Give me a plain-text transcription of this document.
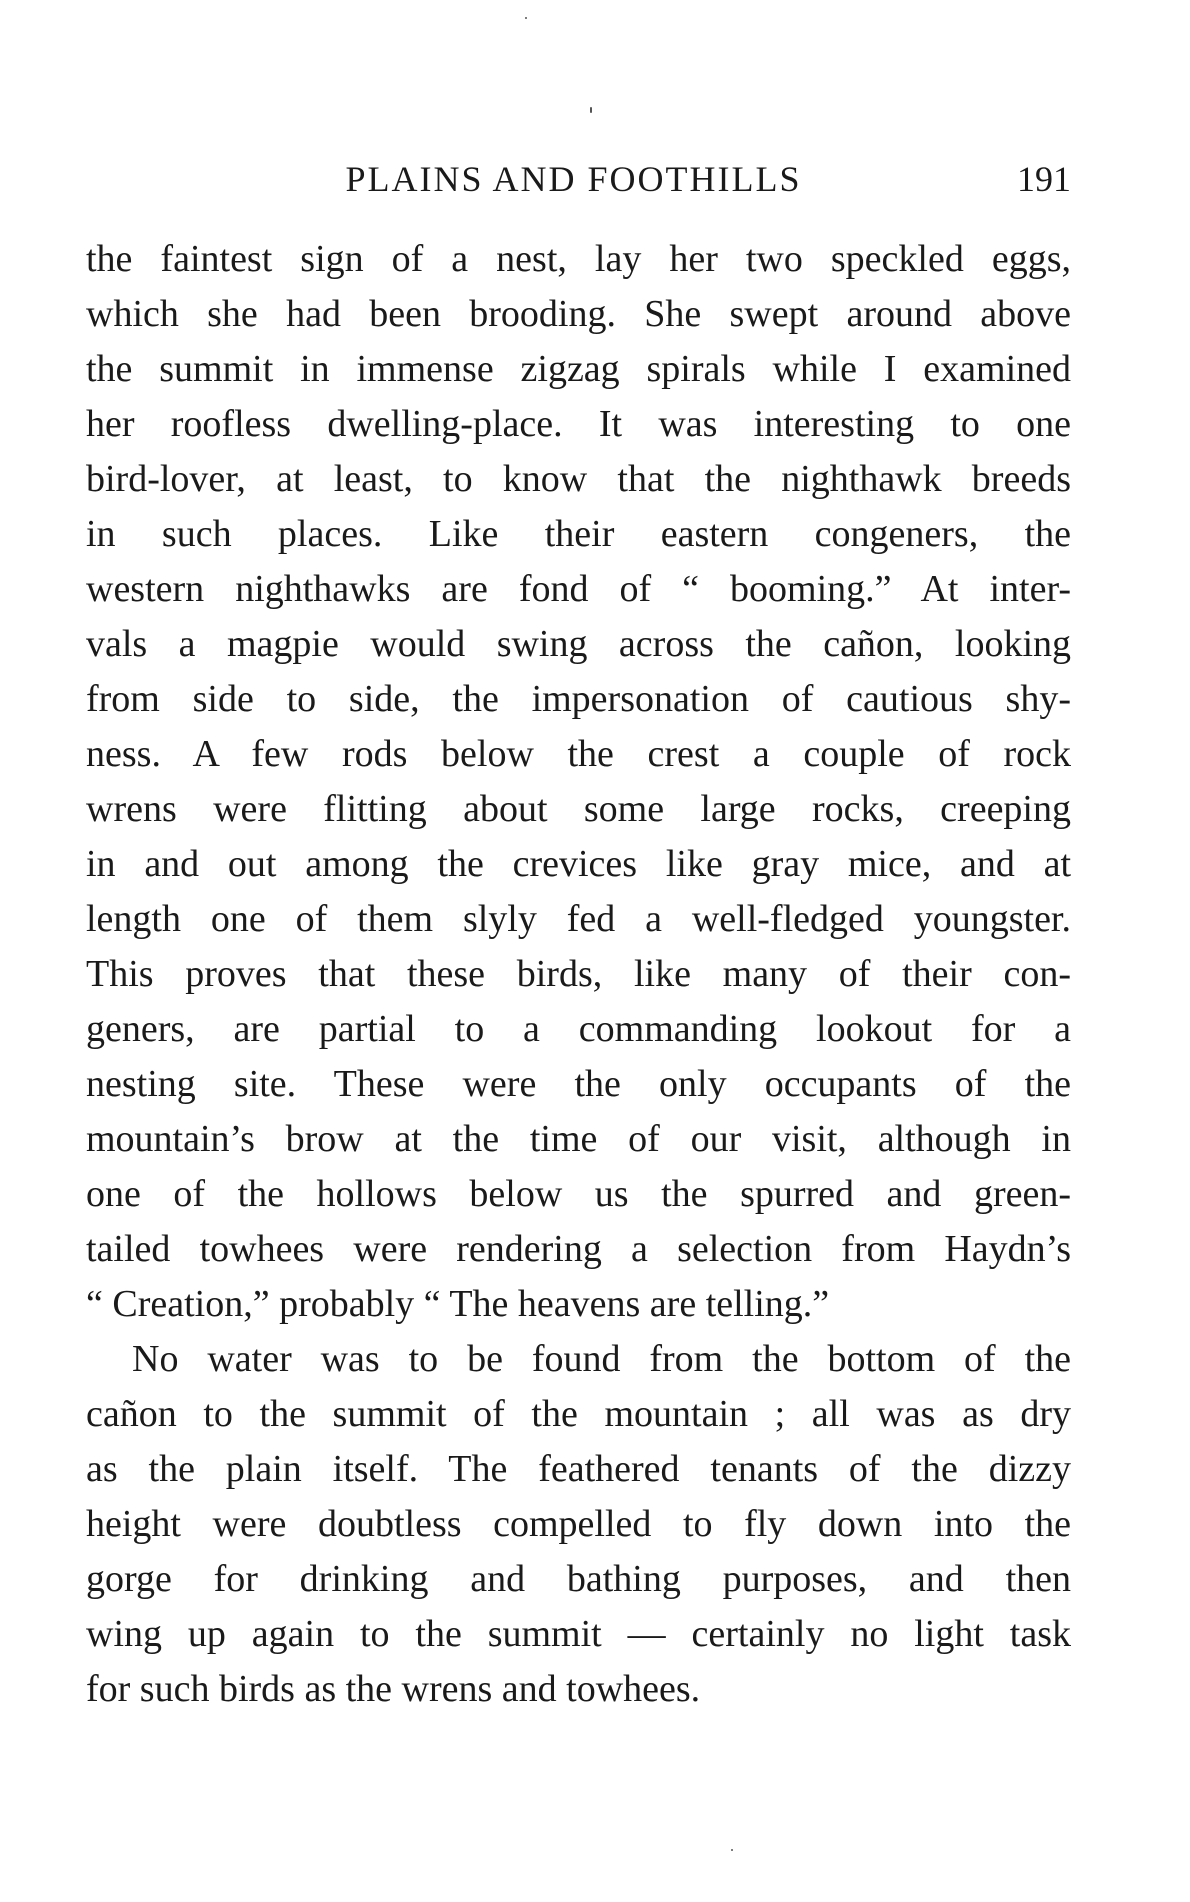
PLAINS AND FOOTHILLS	191
the faintest sign of a nest, lay her two speckled eggs,
which she had been brooding. She swept around above
the summit in immense zigzag spirals while I examined
her roofless dwelling-place. It was interesting to one
bird-lover, at least, to know that the nighthawk breeds
in such places. Like their eastern congeners, the
western nighthawks are fond of “ booming.” At inter-
vals a magpie would swing across the cañon, looking
from side to side, the impersonation of cautious shy-
ness. A few rods below the crest a couple of rock
wrens were flitting about some large rocks, creeping
in and out among the crevices like gray mice, and at
length one of them slyly fed a well-fledged youngster.
This proves that these birds, like many of their con-
geners, are partial to a commanding lookout for a
nesting site. These were the only occupants of the
mountain’s brow at the time of our visit, although in
one of the hollows below us the spurred and green-
tailed towhees were rendering a selection from Haydn’s
“ Creation,” probably “ The heavens are telling.”
No water was to be found from the bottom of the
cañon to the summit of the mountain ; all was as dry
as the plain itself. The feathered tenants of the dizzy
height were doubtless compelled to fly down into the
gorge for drinking and bathing purposes, and then
wing up again to the summit — certainly no light task
for such birds as the wrens and towhees.
